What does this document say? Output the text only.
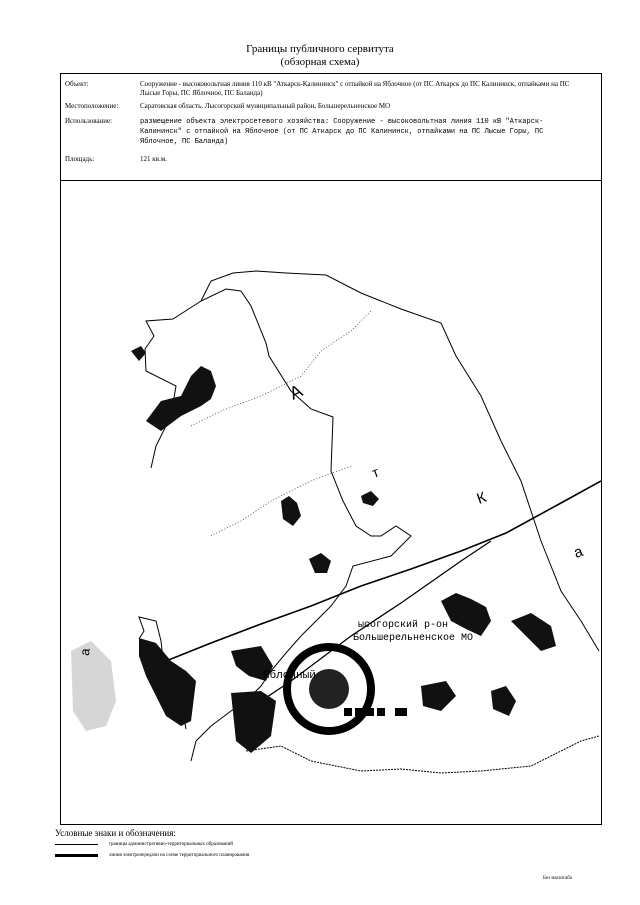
Границы публичного сервитута
(обзорная схема)
Объект:	Сооружение - высоковольтная линия 110 кВ "Аткарск-Калининск" с отпайкой на Яблочное (от ПС Аткарск до ПС Калининск, отпайками на ПС Лысые Горы, ПС Яблочное, ПС Баланда)
Местоположение:	Саратовская область, Лысогорский муниципальный район, Большерельненское МО
Использование:	размещение объекта электросетевого хозяйства: Сооружение - высоковольтная линия 110 кВ "Аткарск-Калининск" с отпайкой на Яблочное (от ПС Аткарск до ПС Калининск, отпайками на ПС Лысые Горы, ПС Яблочное, ПС Баланда)
Площадь:	121 кв.м.
А
т
К
а
а
ысогорский р-он
Большерельненское МО
Яблочный
Условные знаки и обозначения:
границы административно-территориальных образований
линия электропередачи на схеме территориального планирования
Без масштаба
